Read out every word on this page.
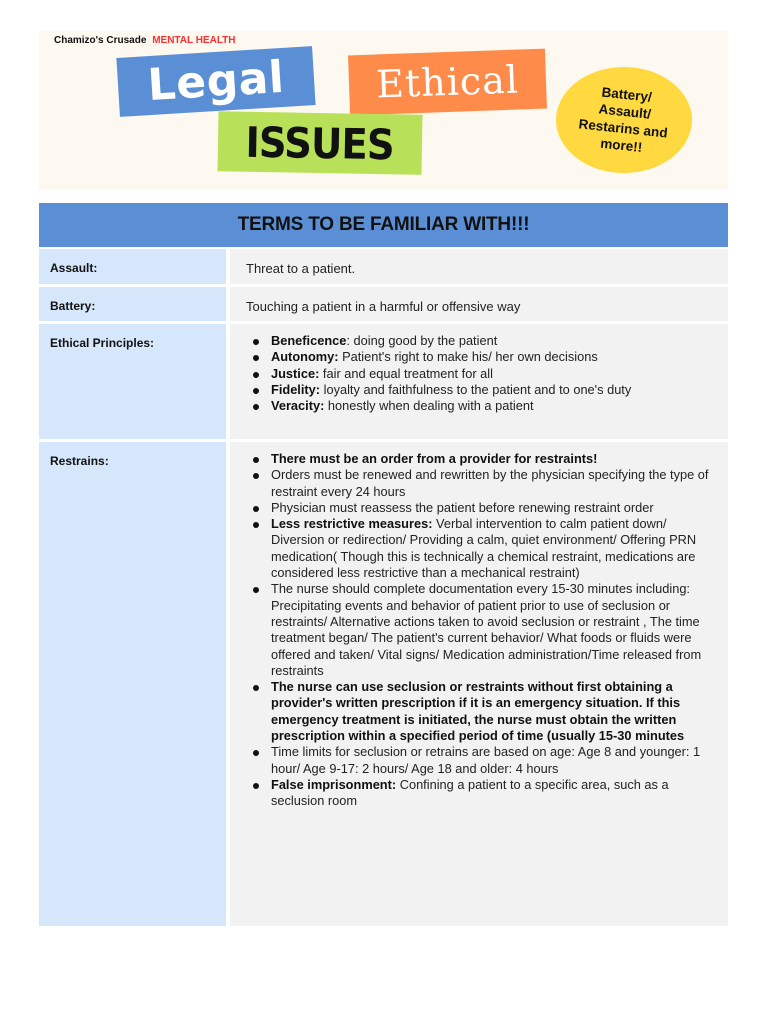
Chamizo's Crusade MENTAL HEALTH
Legal Ethical
ISSUES
Battery/
Assault/
Restarins and
more!!
TERMS TO BE FAMILIAR WITH!!!
Assault:	Threat to a patient.
Battery:	Touching a patient in a harmful or offensive way
Ethical Principles:	Beneficence: doing good by the patient
Autonomy: Patient's right to make his/ her own decisions
Justice: fair and equal treatment for all
Fidelity: loyalty and faithfulness to the patient and to one's duty
Veracity: honestly when dealing with a patient
Restrains:	There must be an order from a provider for restraints!
Orders must be renewed and rewritten by the physician specifying the type of restraint every 24 hours
Physician must reassess the patient before renewing restraint order
Less restrictive measures: Verbal intervention to calm patient down/ Diversion or redirection/ Providing a calm, quiet environment/ Offering PRN medication( Though this is technically a chemical restraint, medications are considered less restrictive than a mechanical restraint)
The nurse should complete documentation every 15-30 minutes including: Precipitating events and behavior of patient prior to use of seclusion or restraints/ Alternative actions taken to avoid seclusion or restraint , The time treatment began/ The patient's current behavior/ What foods or fluids were offered and taken/ Vital signs/ Medication administration/Time released from restraints
The nurse can use seclusion or restraints without first obtaining a provider's written prescription if it is an emergency situation. If this emergency treatment is initiated, the nurse must obtain the written prescription within a specified period of time (usually 15-30 minutes
Time limits for seclusion or retrains are based on age: Age 8 and younger: 1 hour/ Age 9-17: 2 hours/ Age 18 and older: 4 hours
False imprisonment: Confining a patient to a specific area, such as a seclusion room
